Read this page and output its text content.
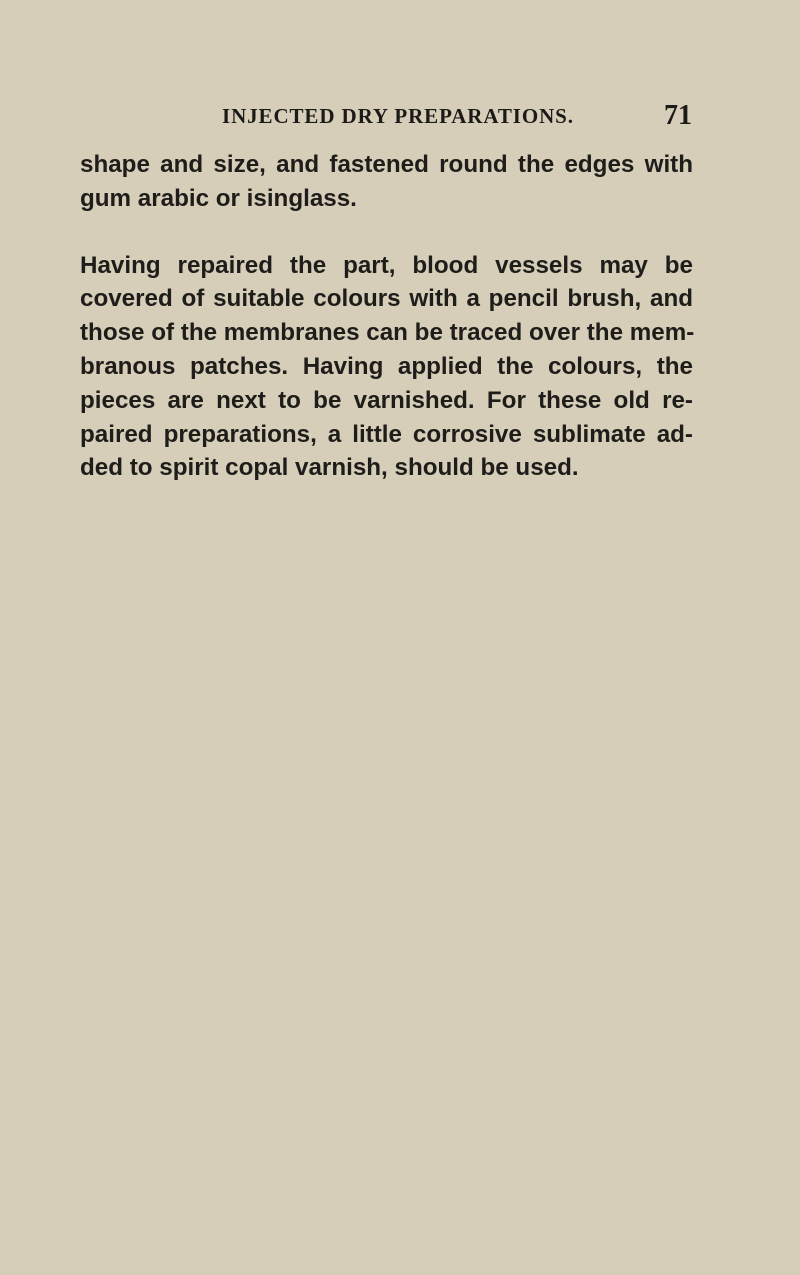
INJECTED DRY PREPARATIONS.	71
shape and size, and fastened round the edges with
gum arabic or isinglass.
Having repaired the part, blood vessels may be
covered of suitable colours with a pencil brush, and
those of the membranes can be traced over the mem-
branous patches. Having applied the colours, the
pieces are next to be varnished. For these old re-
paired preparations, a little corrosive sublimate ad-
ded to spirit copal varnish, should be used.
